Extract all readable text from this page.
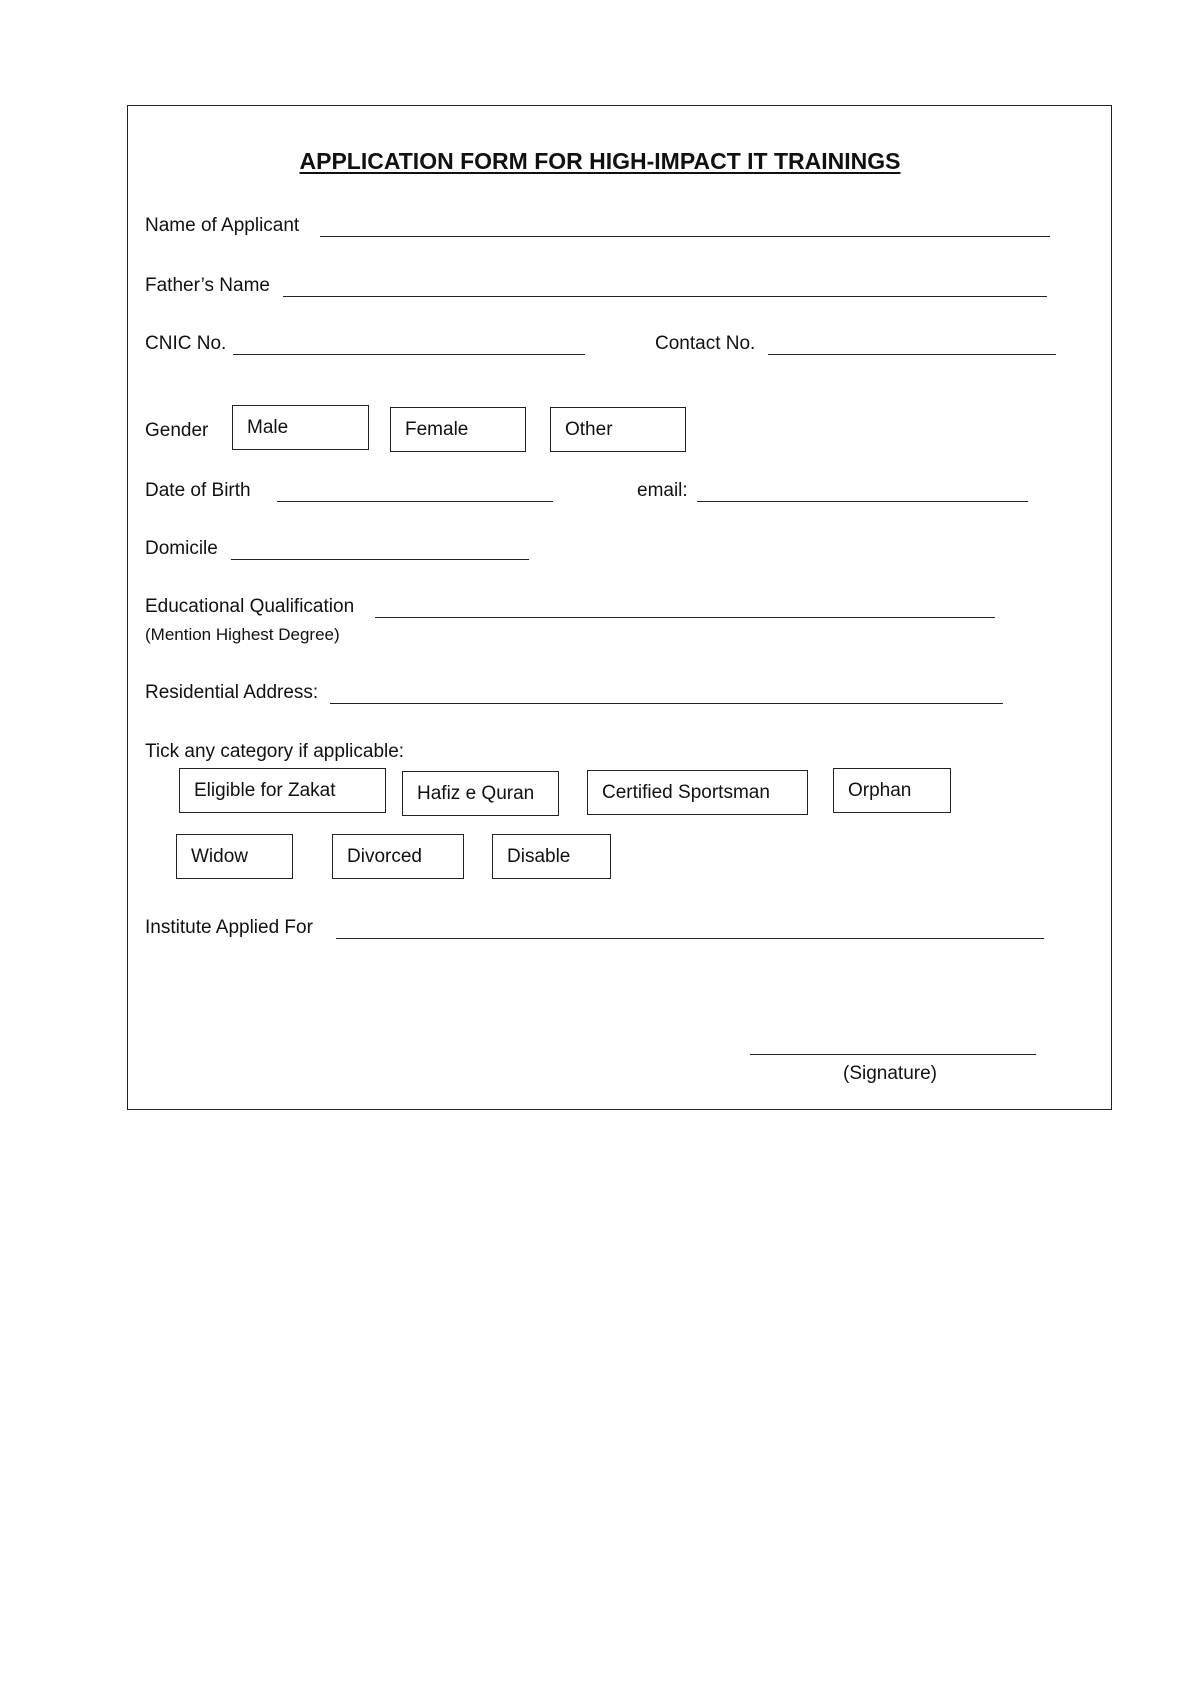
APPLICATION FORM FOR HIGH-IMPACT IT TRAININGS
Name of Applicant
Father’s Name
CNIC No.	Contact No.
Gender	Male	Female	Other
Date of Birth	email:
Domicile
Educational Qualification
(Mention Highest Degree)
Residential Address:
Tick any category if applicable:
Eligible for Zakat	Hafiz e Quran	Certified Sportsman	Orphan
Widow	Divorced	Disable
Institute Applied For
(Signature)
